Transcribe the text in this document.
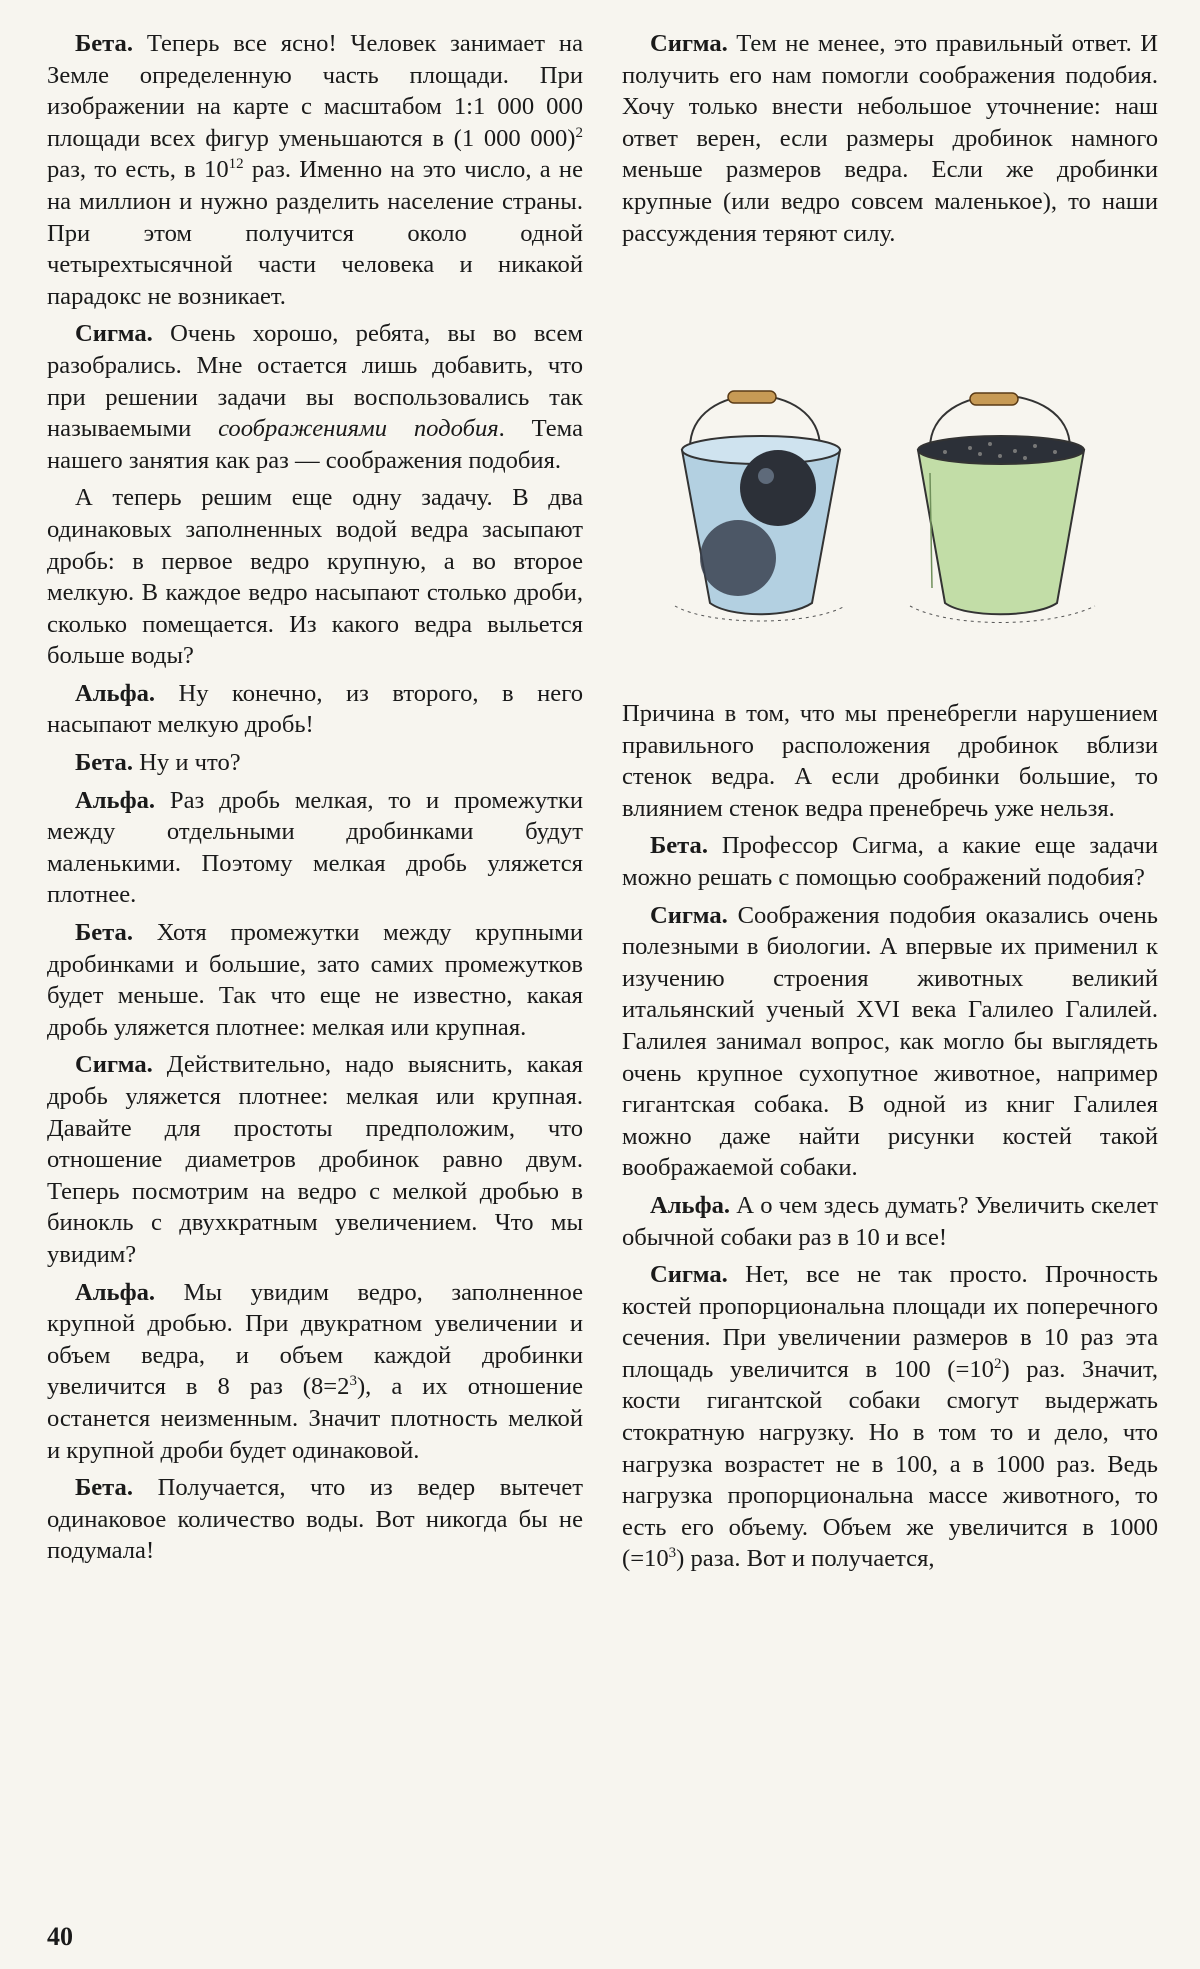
Бета. Теперь все ясно! Человек занимает на Земле определенную часть площади. При изображении на карте с масштабом 1:1 000 000 площади всех фигур уменьшаются в (1 000 000)$^2$ раз, то есть, в $10^{12}$ раз. Именно на это число, а не на миллион и нужно разделить население страны. При этом получится около одной четырехтысячной части человека и никакой парадокс не возникает.

Сигма. Очень хорошо, ребята, вы во всем разобрались. Мне остается лишь добавить, что при решении задачи вы воспользовались так называемыми соображениями подобия. Тема нашего занятия как раз — соображения подобия.

А теперь решим еще одну задачу. В два одинаковых заполненных водой ведра засыпают дробь: в первое ведро крупную, а во второе мелкую. В каждое ведро насыпают столько дроби, сколько помещается. Из какого ведра выльется больше воды?

Альфа. Ну конечно, из второго, в него насыпают мелкую дробь!

Бета. Ну и что?

Альфа. Раз дробь мелкая, то и промежутки между отдельными дробинками будут маленькими. Поэтому мелкая дробь уляжется плотнее.

Бета. Хотя промежутки между крупными дробинками и большие, зато самих промежутков будет меньше. Так что еще не известно, какая дробь уляжется плотнее: мелкая или крупная.

Сигма. Действительно, надо выяснить, какая дробь уляжется плотнее: мелкая или крупная. Давайте для простоты предположим, что отношение диаметров дробинок равно двум. Теперь посмотрим на ведро с мелкой дробью в бинокль с двухкратным увеличением. Что мы увидим?

Альфа. Мы увидим ведро, заполненное крупной дробью. При двукратном увеличении и объем ведра, и объем каждой дробинки увеличится в 8 раз $(8=2^3)$, а их отношение останется неизменным. Значит плотность мелкой и крупной дроби будет одинаковой.

Бета. Получается, что из ведер вытечет одинаковое количество воды. Вот никогда бы не подумала!

Сигма. Тем не менее, это правильный ответ. И получить его нам помогли соображения подобия. Хочу только внести небольшое уточнение: наш ответ верен, если размеры дробинок намного меньше размеров ведра. Если же дробинки крупные (или ведро совсем маленькое), то наши рассуждения теряют силу.

Причина в том, что мы пренебрегли нарушением правильного расположения дробинок вблизи стенок ведра. А если дробинки большие, то влиянием стенок ведра пренебречь уже нельзя.

Бета. Профессор Сигма, а какие еще задачи можно решать с помощью соображений подобия?

Сигма. Соображения подобия оказались очень полезными в биологии. А впервые их применил к изучению строения животных великий итальянский ученый XVI века Галилео Галилей. Галилея занимал вопрос, как могло бы выглядеть очень крупное сухопутное животное, например гигантская собака. В одной из книг Галилея можно даже найти рисунки костей такой воображаемой собаки.

Альфа. А о чем здесь думать? Увеличить скелет обычной собаки раз в 10 и все!

Сигма. Нет, все не так просто. Прочность костей пропорциональна площади их поперечного сечения. При увеличении размеров в 10 раз эта площадь увеличится в 100 $(=10^2)$ раз. Значит, кости гигантской собаки смогут выдержать стократную нагрузку. Но в том то и дело, что нагрузка возрастет не в 100, а в 1000 раз. Ведь нагрузка пропорциональна массе животного, то есть его объему. Объем же увеличится в 1000 $(=10^3)$ раза. Вот и получается,

40
